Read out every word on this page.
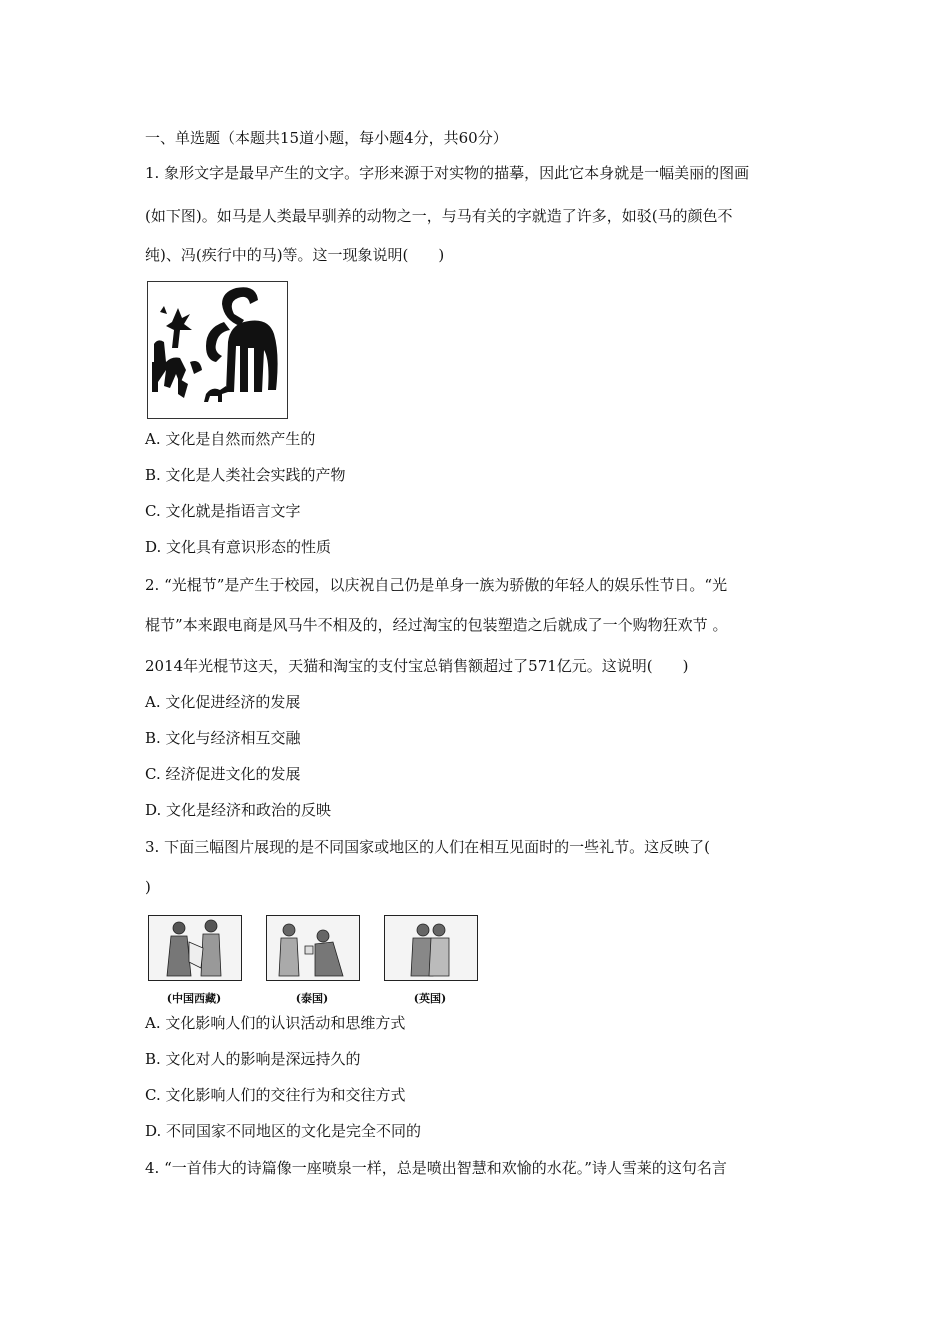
一、单选题（本题共15道小题，每小题4分，共60分）
1. 象形文字是最早产生的文字。字形来源于对实物的描摹，因此它本身就是一幅美丽的图画
(如下图)。如马是人类最早驯养的动物之一，与马有关的字就造了许多，如驳(马的颜色不
纯)、冯(疾行中的马)等。这一现象说明(　　)
A. 文化是自然而然产生的
B. 文化是人类社会实践的产物
C. 文化就是指语言文字
D. 文化具有意识形态的性质
2. “光棍节”是产生于校园，以庆祝自己仍是单身一族为骄傲的年轻人的娱乐性节日。“光
棍节”本来跟电商是风马牛不相及的，经过淘宝的包装塑造之后就成了一个购物狂欢节 。
2014年光棍节这天，天猫和淘宝的支付宝总销售额超过了571亿元。这说明(　　)
A. 文化促进经济的发展
B. 文化与经济相互交融
C. 经济促进文化的发展
D. 文化是经济和政治的反映
3. 下面三幅图片展现的是不同国家或地区的人们在相互见面时的一些礼节。这反映了(
)
(中国西藏)	(泰国)	(英国)
A. 文化影响人们的认识活动和思维方式
B. 文化对人的影响是深远持久的
C. 文化影响人们的交往行为和交往方式
D. 不同国家不同地区的文化是完全不同的
4. “一首伟大的诗篇像一座喷泉一样，总是喷出智慧和欢愉的水花。”诗人雪莱的这句名言
